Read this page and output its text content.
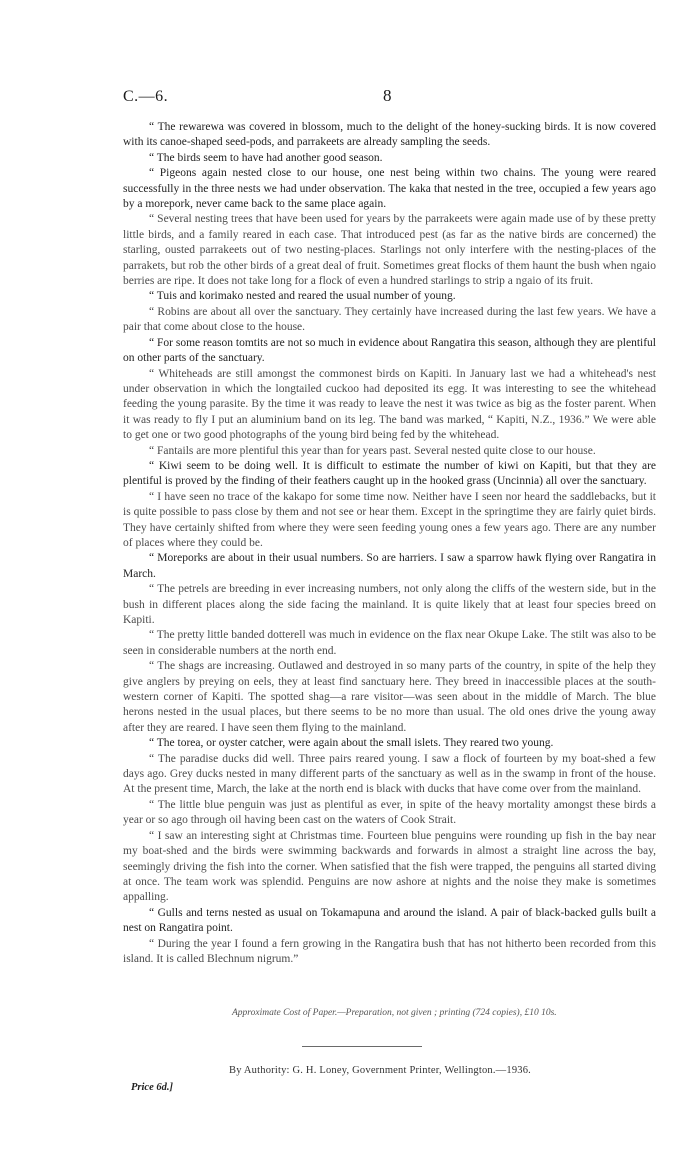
C.—6.	8

“ The rewarewa was covered in blossom, much to the delight of the honey-sucking birds. It is now covered with its canoe-shaped seed-pods, and parrakeets are already sampling the seeds.

“ The birds seem to have had another good season.

“ Pigeons again nested close to our house, one nest being within two chains. The young were reared successfully in the three nests we had under observation. The kaka that nested in the tree, occupied a few years ago by a morepork, never came back to the same place again.

“ Several nesting trees that have been used for years by the parrakeets were again made use of by these pretty little birds, and a family reared in each case. That introduced pest (as far as the native birds are concerned) the starling, ousted parrakeets out of two nesting-places. Starlings not only interfere with the nesting-places of the parrakets, but rob the other birds of a great deal of fruit. Sometimes great flocks of them haunt the bush when ngaio berries are ripe. It does not take long for a flock of even a hundred starlings to strip a ngaio of its fruit.

“ Tuis and korimako nested and reared the usual number of young.

“ Robins are about all over the sanctuary. They certainly have increased during the last few years. We have a pair that come about close to the house.

“ For some reason tomtits are not so much in evidence about Rangatira this season, although they are plentiful on other parts of the sanctuary.

“ Whiteheads are still amongst the commonest birds on Kapiti. In January last we had a whitehead's nest under observation in which the longtailed cuckoo had deposited its egg. It was interesting to see the whitehead feeding the young parasite. By the time it was ready to leave the nest it was twice as big as the foster parent. When it was ready to fly I put an aluminium band on its leg. The band was marked, “ Kapiti, N.Z., 1936.” We were able to get one or two good photographs of the young bird being fed by the whitehead.

“ Fantails are more plentiful this year than for years past. Several nested quite close to our house.

“ Kiwi seem to be doing well. It is difficult to estimate the number of kiwi on Kapiti, but that they are plentiful is proved by the finding of their feathers caught up in the hooked grass (Uncinnia) all over the sanctuary.

“ I have seen no trace of the kakapo for some time now. Neither have I seen nor heard the saddlebacks, but it is quite possible to pass close by them and not see or hear them. Except in the springtime they are fairly quiet birds. They have certainly shifted from where they were seen feeding young ones a few years ago. There are any number of places where they could be.

“ Moreporks are about in their usual numbers. So are harriers. I saw a sparrow hawk flying over Rangatira in March.

“ The petrels are breeding in ever increasing numbers, not only along the cliffs of the western side, but in the bush in different places along the side facing the mainland. It is quite likely that at least four species breed on Kapiti.

“ The pretty little banded dotterell was much in evidence on the flax near Okupe Lake. The stilt was also to be seen in considerable numbers at the north end.

“ The shags are increasing. Outlawed and destroyed in so many parts of the country, in spite of the help they give anglers by preying on eels, they at least find sanctuary here. They breed in inaccessible places at the south-western corner of Kapiti. The spotted shag—a rare visitor—was seen about in the middle of March. The blue herons nested in the usual places, but there seems to be no more than usual. The old ones drive the young away after they are reared. I have seen them flying to the mainland.

“ The torea, or oyster catcher, were again about the small islets. They reared two young.

“ The paradise ducks did well. Three pairs reared young. I saw a flock of fourteen by my boat-shed a few days ago. Grey ducks nested in many different parts of the sanctuary as well as in the swamp in front of the house. At the present time, March, the lake at the north end is black with ducks that have come over from the mainland.

“ The little blue penguin was just as plentiful as ever, in spite of the heavy mortality amongst these birds a year or so ago through oil having been cast on the waters of Cook Strait.

“ I saw an interesting sight at Christmas time. Fourteen blue penguins were rounding up fish in the bay near my boat-shed and the birds were swimming backwards and forwards in almost a straight line across the bay, seemingly driving the fish into the corner. When satisfied that the fish were trapped, the penguins all started diving at once. The team work was splendid. Penguins are now ashore at nights and the noise they make is sometimes appalling.

“ Gulls and terns nested as usual on Tokamapuna and around the island. A pair of black-backed gulls built a nest on Rangatira point.

“ During the year I found a fern growing in the Rangatira bush that has not hitherto been recorded from this island. It is called Blechnum nigrum.”

Approximate Cost of Paper.—Preparation, not given ; printing (724 copies), £10 10s.
By Authority: G. H. Loney, Government Printer, Wellington.—1936.
Price 6d.]
